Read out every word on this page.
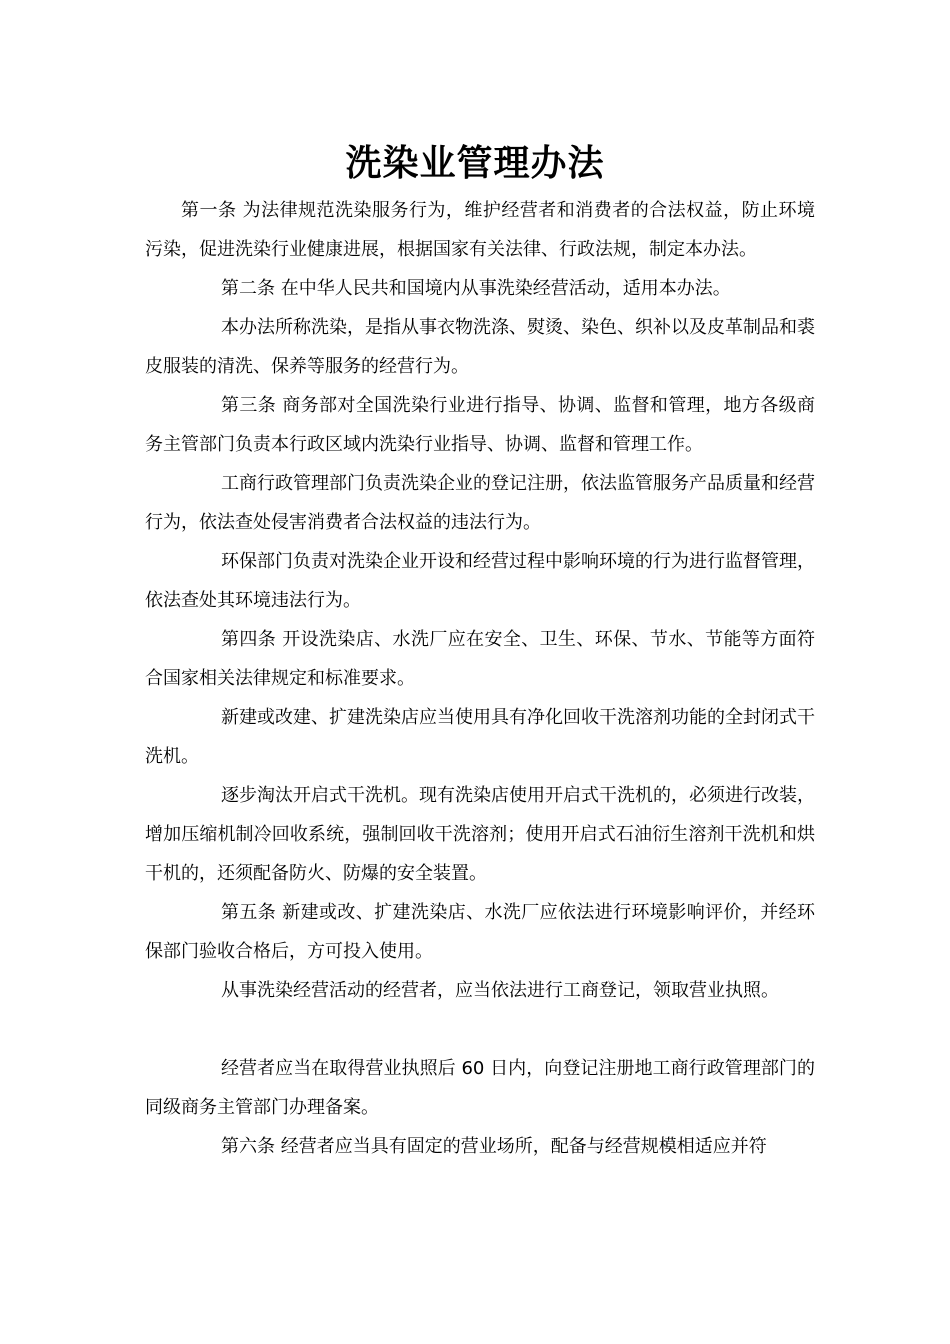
洗染业管理办法

第一条 为法律规范洗染服务行为，维护经营者和消费者的合法权益，防止环境污染，促进洗染行业健康进展，根据国家有关法律、行政法规，制定本办法。

第二条 在中华人民共和国境内从事洗染经营活动，适用本办法。

本办法所称洗染，是指从事衣物洗涤、熨烫、染色、织补以及皮革制品和裘皮服装的清洗、保养等服务的经营行为。

第三条 商务部对全国洗染行业进行指导、协调、监督和管理，地方各级商务主管部门负责本行政区域内洗染行业指导、协调、监督和管理工作。

工商行政管理部门负责洗染企业的登记注册，依法监管服务产品质量和经营行为，依法查处侵害消费者合法权益的违法行为。

环保部门负责对洗染企业开设和经营过程中影响环境的行为进行监督管理，依法查处其环境违法行为。

第四条 开设洗染店、水洗厂应在安全、卫生、环保、节水、节能等方面符合国家相关法律规定和标准要求。

新建或改建、扩建洗染店应当使用具有净化回收干洗溶剂功能的全封闭式干洗机。

逐步淘汰开启式干洗机。现有洗染店使用开启式干洗机的，必须进行改装，增加压缩机制冷回收系统，强制回收干洗溶剂；使用开启式石油衍生溶剂干洗机和烘干机的，还须配备防火、防爆的安全装置。

第五条 新建或改、扩建洗染店、水洗厂应依法进行环境影响评价，并经环保部门验收合格后，方可投入使用。

从事洗染经营活动的经营者，应当依法进行工商登记，领取营业执照。

经营者应当在取得营业执照后 60 日内，向登记注册地工商行政管理部门的同级商务主管部门办理备案。

第六条 经营者应当具有固定的营业场所，配备与经营规模相适应并符
